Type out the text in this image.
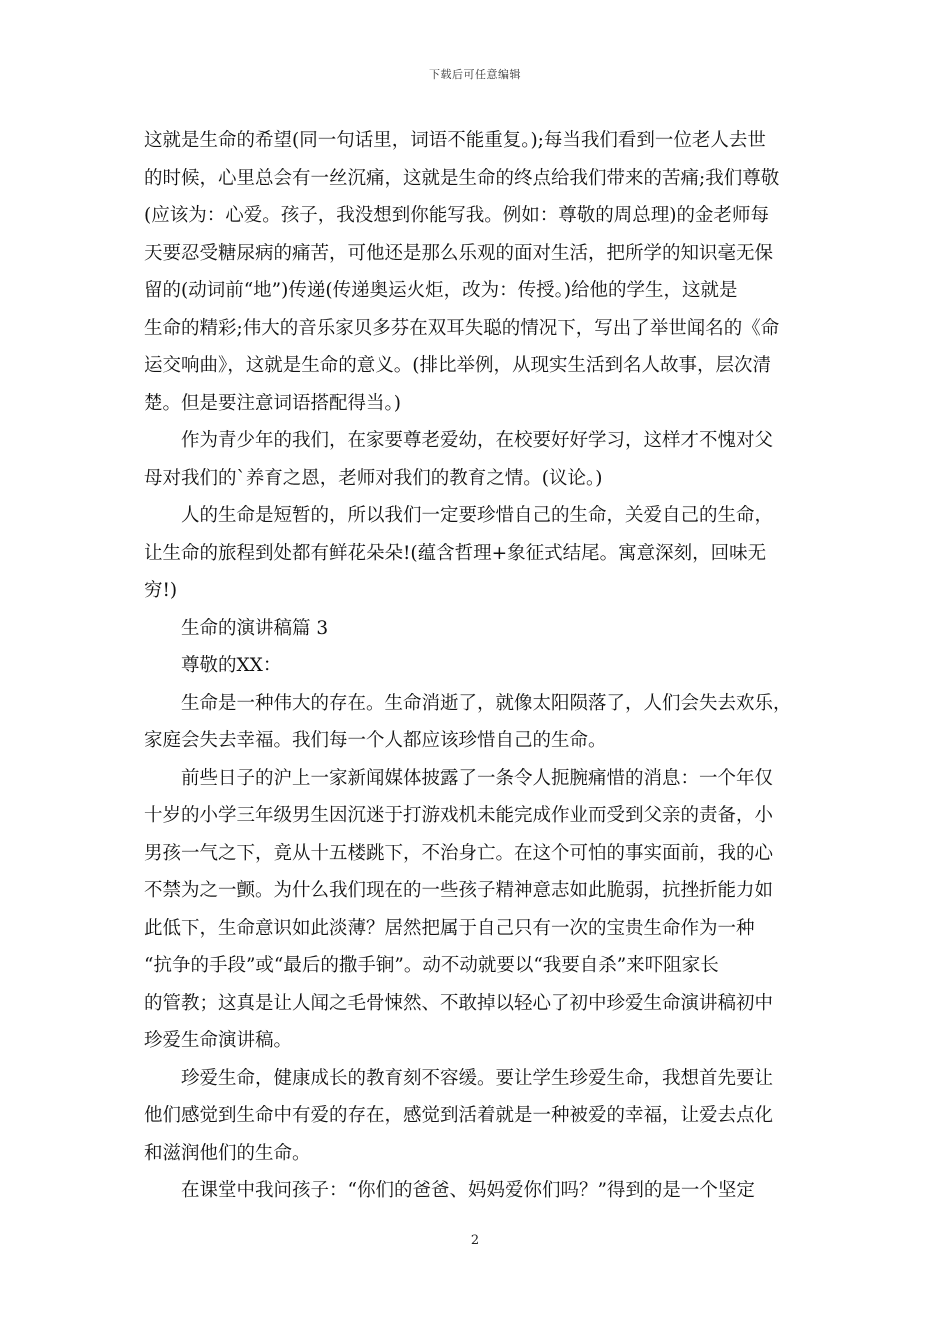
下载后可任意编辑
这就是生命的希望(同一句话里，词语不能重复。);每当我们看到一位老人去世
的时候，心里总会有一丝沉痛，这就是生命的终点给我们带来的苦痛;我们尊敬
(应该为：心爱。孩子，我没想到你能写我。例如：尊敬的周总理)的金老师每
天要忍受糖尿病的痛苦，可他还是那么乐观的面对生活，把所学的知识毫无保
留的(动词前“地”)传递(传递奥运火炬，改为：传授。)给他的学生，这就是
生命的精彩;伟大的音乐家贝多芬在双耳失聪的情况下，写出了举世闻名的《命
运交响曲》，这就是生命的意义。(排比举例，从现实生活到名人故事，层次清
楚。但是要注意词语搭配得当。)
作为青少年的我们，在家要尊老爱幼，在校要好好学习，这样才不愧对父
母对我们的`养育之恩，老师对我们的教育之情。(议论。)
人的生命是短暂的，所以我们一定要珍惜自己的生命，关爱自己的生命，
让生命的旅程到处都有鲜花朵朵!(蕴含哲理+象征式结尾。寓意深刻，回味无
穷!)
生命的演讲稿篇 3
尊敬的XX：
生命是一种伟大的存在。生命消逝了，就像太阳陨落了，人们会失去欢乐，
家庭会失去幸福。我们每一个人都应该珍惜自己的生命。
前些日子的沪上一家新闻媒体披露了一条令人扼腕痛惜的消息：一个年仅
十岁的小学三年级男生因沉迷于打游戏机未能完成作业而受到父亲的责备，小
男孩一气之下，竟从十五楼跳下，不治身亡。在这个可怕的事实面前，我的心
不禁为之一颤。为什么我们现在的一些孩子精神意志如此脆弱，抗挫折能力如
此低下，生命意识如此淡薄？居然把属于自己只有一次的宝贵生命作为一种
“抗争的手段”或“最后的撒手锏”。动不动就要以“我要自杀”来吓阻家长
的管教；这真是让人闻之毛骨悚然、不敢掉以轻心了初中珍爱生命演讲稿初中
珍爱生命演讲稿。
珍爱生命，健康成长的教育刻不容缓。要让学生珍爱生命，我想首先要让
他们感觉到生命中有爱的存在，感觉到活着就是一种被爱的幸福，让爱去点化
和滋润他们的生命。
在课堂中我问孩子：“你们的爸爸、妈妈爱你们吗？”得到的是一个坚定
2
